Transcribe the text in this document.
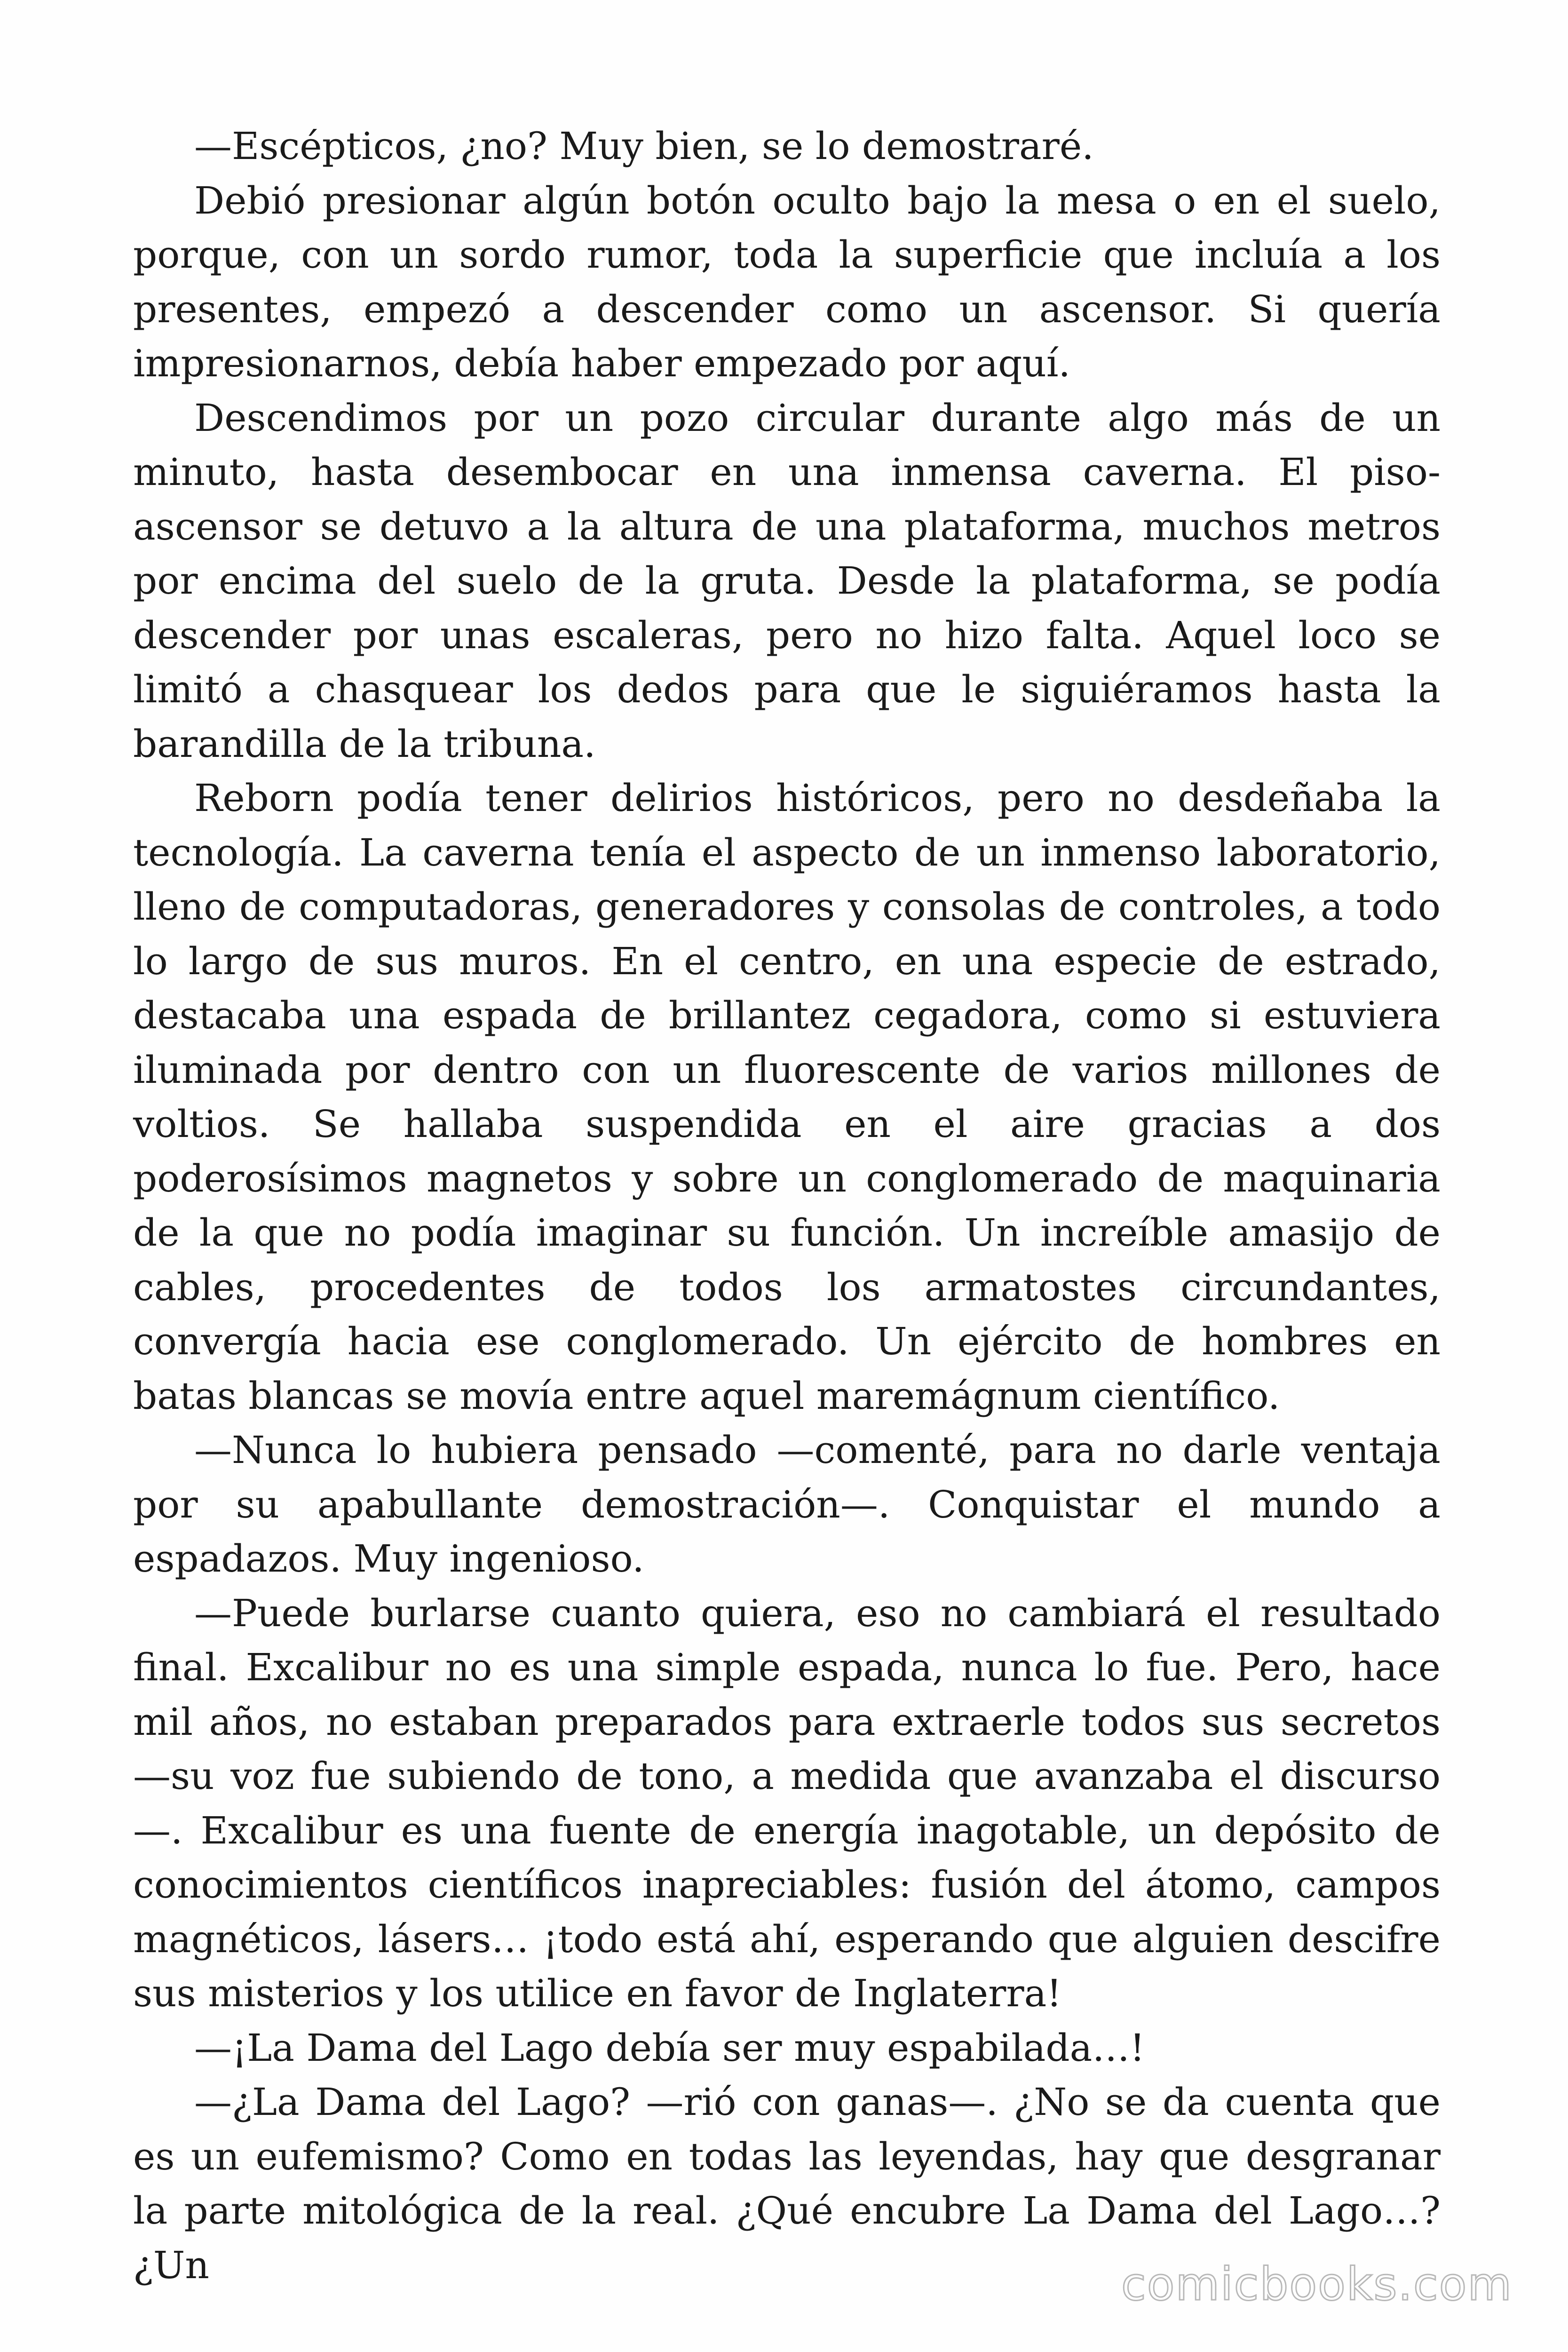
—Escépticos, ¿no? Muy bien, se lo demostraré.

Debió presionar algún botón oculto bajo la mesa o en el suelo, porque, con un sordo rumor, toda la superficie que incluía a los presentes, empezó a descender como un ascensor. Si quería impresionarnos, debía haber empezado por aquí.

Descendimos por un pozo circular durante algo más de un minuto, hasta desembocar en una inmensa caverna. El piso-ascensor se detuvo a la altura de una plataforma, muchos metros por encima del suelo de la gruta. Desde la plataforma, se podía descender por unas escaleras, pero no hizo falta. Aquel loco se limitó a chasquear los dedos para que le siguiéramos hasta la barandilla de la tribuna.

Reborn podía tener delirios históricos, pero no desdeñaba la tecnología. La caverna tenía el aspecto de un inmenso laboratorio, lleno de computadoras, generadores y consolas de controles, a todo lo largo de sus muros. En el centro, en una especie de estrado, destacaba una espada de brillantez cegadora, como si estuviera iluminada por dentro con un fluorescente de varios millones de voltios. Se hallaba suspendida en el aire gracias a dos poderosísimos magnetos y sobre un conglomerado de maquinaria de la que no podía imaginar su función. Un increíble amasijo de cables, procedentes de todos los armatostes circundantes, convergía hacia ese conglomerado. Un ejército de hombres en batas blancas se movía entre aquel maremágnum científico.

—Nunca lo hubiera pensado —comenté, para no darle ventaja por su apabullante demostración—. Conquistar el mundo a espadazos. Muy ingenioso.

—Puede burlarse cuanto quiera, eso no cambiará el resultado final. Excalibur no es una simple espada, nunca lo fue. Pero, hace mil años, no estaban preparados para extraerle todos sus secretos —su voz fue subiendo de tono, a medida que avanzaba el discurso—. Excalibur es una fuente de energía inagotable, un depósito de conocimientos científicos inapreciables: fusión del átomo, campos magnéticos, lásers… ¡todo está ahí, esperando que alguien descifre sus misterios y los utilice en favor de Inglaterra!

—¡La Dama del Lago debía ser muy espabilada…!

—¿La Dama del Lago? —rió con ganas—. ¿No se da cuenta que es un eufemismo? Como en todas las leyendas, hay que desgranar la parte mitológica de la real. ¿Qué encubre La Dama del Lago…? ¿Un	comicbooks.com
